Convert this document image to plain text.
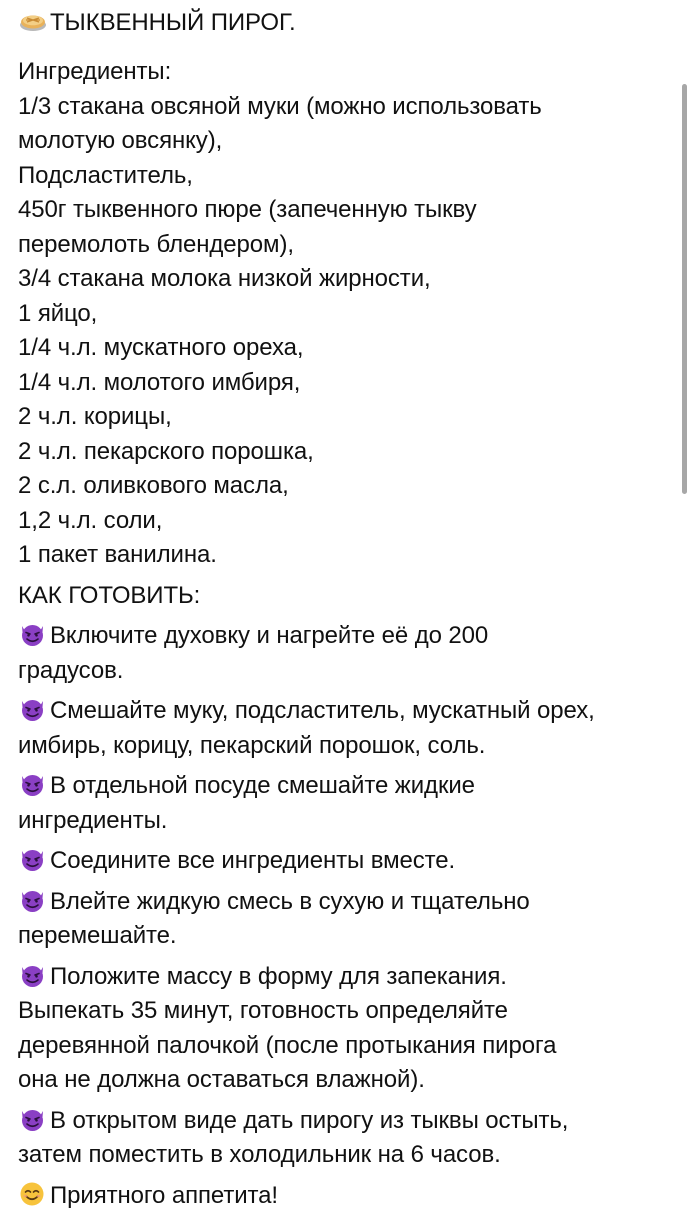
ТЫКВЕННЫЙ ПИРОГ.
Ингредиенты:
1/3 стакана овсяной муки (можно использовать
молотую овсянку),
Подсластитель,
450г тыквенного пюре (запеченную тыкву
перемолоть блендером),
3/4 стакана молока низкой жирности,
1 яйцо,
1/4 ч.л. мускатного ореха,
1/4 ч.л. молотого имбиря,
2 ч.л. корицы,
2 ч.л. пекарского порошка,
2 с.л. оливкового масла,
1,2 ч.л. соли,
1 пакет ванилина.
КАК ГОТОВИТЬ:
Включите духовку и нагрейте её до 200
градусов.
Смешайте муку, подсластитель, мускатный орех,
имбирь, корицу, пекарский порошок, соль.
В отдельной посуде смешайте жидкие
ингредиенты.
Соедините все ингредиенты вместе.
Влейте жидкую смесь в сухую и тщательно
перемешайте.
Положите массу в форму для запекания.
Выпекать 35 минут, готовность определяйте
деревянной палочкой (после протыкания пирога
она не должна оставаться влажной).
В открытом виде дать пирогу из тыквы остыть,
затем поместить в холодильник на 6 часов.
Приятного аппетита!
